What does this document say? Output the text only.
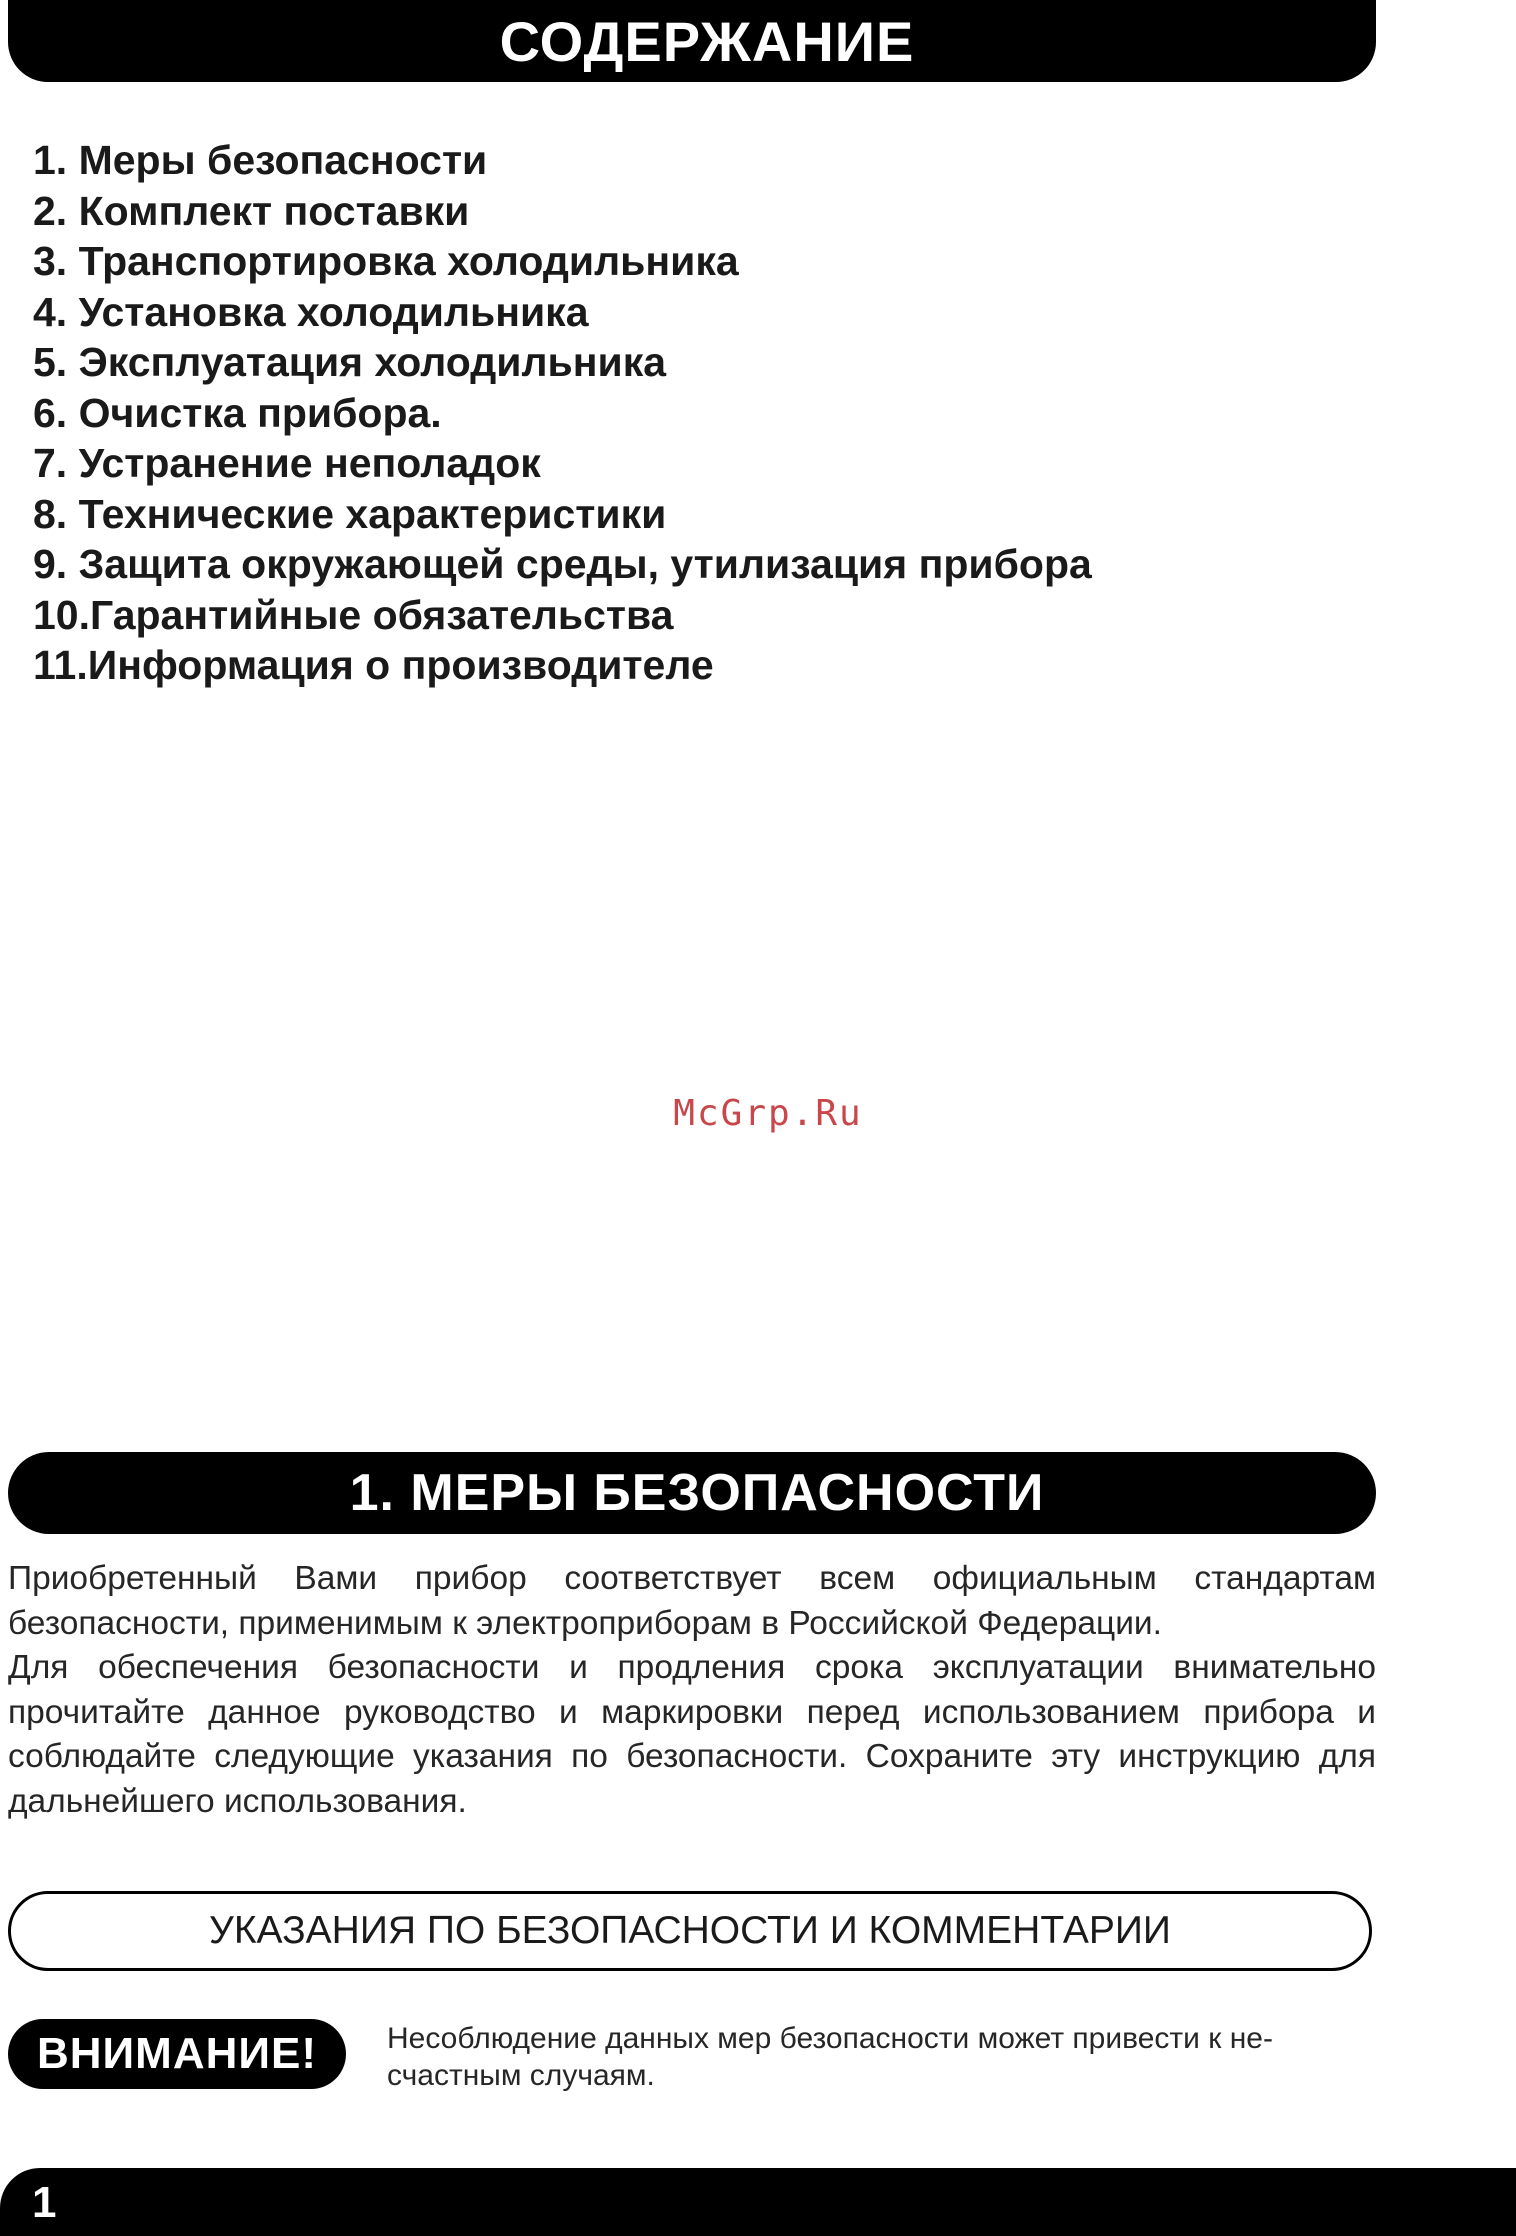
СОДЕРЖАНИЕ
1. Меры безопасности
2. Комплект поставки
3. Транспортировка холодильника
4. Установка холодильника
5. Эксплуатация холодильника
6. Очистка прибора.
7. Устранение неполадок
8. Технические характеристики
9. Защита окружающей среды, утилизация прибора
10.Гарантийные обязательства
11.Информация о производителе
McGrp.Ru
1. МЕРЫ БЕЗОПАСНОСТИ

Приобретенный Вами прибор соответствует всем официальным стандартам безопасности, применимым к электроприборам в Российской Федерации.

Для обеспечения безопасности и продления срока эксплуатации внимательно прочитайте данное руководство и маркировки перед использованием прибора и соблюдайте следующие указания по безопасности. Сохраните эту инструкцию для дальнейшего использования.

УКАЗАНИЯ ПО БЕЗОПАСНОСТИ И КОММЕНТАРИИ
ВНИМАНИЕ! Несоблюдение данных мер безопасности может привести к не-счастным случаям.
1
